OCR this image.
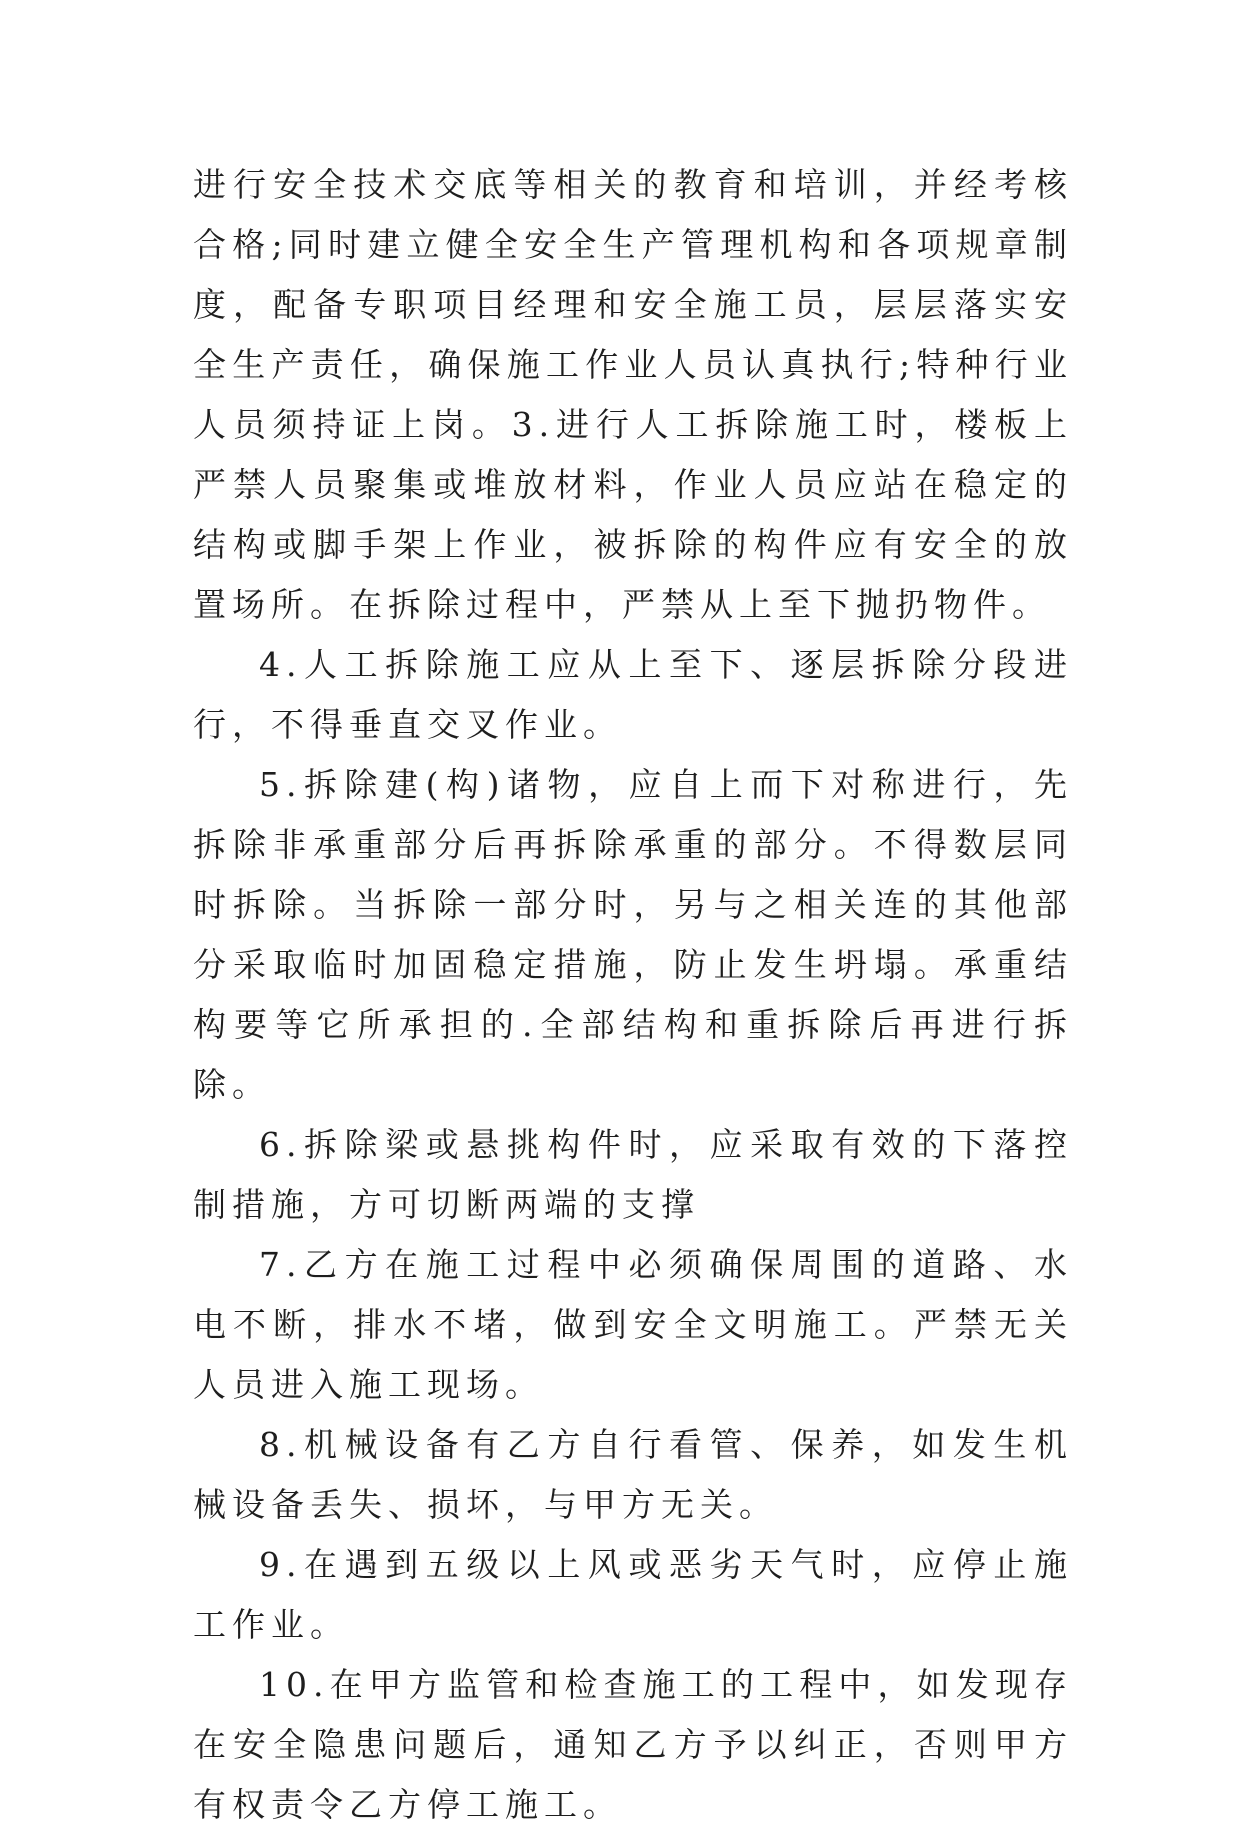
进行安全技术交底等相关的教育和培训，并经考核合格;同时建立健全安全生产管理机构和各项规章制度，配备专职项目经理和安全施工员，层层落实安全生产责任，确保施工作业人员认真执行;特种行业人员须持证上岗。3.进行人工拆除施工时，楼板上严禁人员聚集或堆放材料，作业人员应站在稳定的结构或脚手架上作业，被拆除的构件应有安全的放置场所。在拆除过程中，严禁从上至下抛扔物件。

4.人工拆除施工应从上至下、逐层拆除分段进行，不得垂直交叉作业。

5.拆除建(构)诸物，应自上而下对称进行，先拆除非承重部分后再拆除承重的部分。不得数层同时拆除。当拆除一部分时，另与之相关连的其他部分采取临时加固稳定措施，防止发生坍塌。承重结构要等它所承担的.全部结构和重拆除后再进行拆除。

6.拆除梁或悬挑构件时，应采取有效的下落控制措施，方可切断两端的支撑

7.乙方在施工过程中必须确保周围的道路、水电不断，排水不堵，做到安全文明施工。严禁无关人员进入施工现场。

8.机械设备有乙方自行看管、保养，如发生机械设备丢失、损坏，与甲方无关。

9.在遇到五级以上风或恶劣天气时，应停止施工作业。

10.在甲方监管和检查施工的工程中，如发现存在安全隐患问题后，通知乙方予以纠正，否则甲方有权责令乙方停工施工。
